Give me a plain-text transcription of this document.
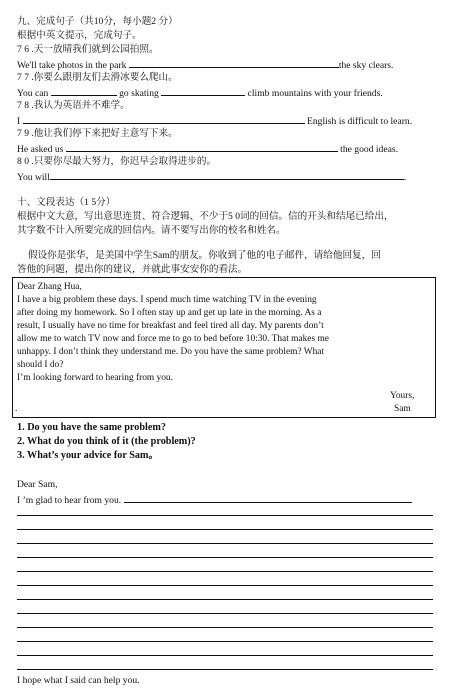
九、完成句子（共10分，每小题2 分）
根据中英文提示，完成句子。
7 6 .天一放晴我们就到公园拍照。
We'll take photos in the park	the sky clears.
7 7 .你要么跟朋友们去滑冰要么爬山。
You can	go skating	climb mountains with your friends.
7 8 .我认为英语并不难学。
I	English is difficult to learn.
7 9 .他让我们停下来把好主意写下来。
He asked us	the good ideas.
8 0 .只要你尽最大努力，你迟早会取得进步的。
You will	.
十、文段表达（1 5分）
根据中文大意，写出意思连贯、符合逻辑、不少于5 0词的回信。信的开头和结尾已给出，
其字数不计入所要完成的回信内。请不要写出你的校名和姓名。
假设你是张华，是美国中学生Sam的朋友。你收到了他的电子邮件，请给他回复，回
答他的问题，提出你的建议，并就此事安安你的看法。
Dear Zhang Hua,
I have a big problem these days. I spend much time watching TV in the evening
after doing my homework. So I often stay up and get up late in the morning. As a
result, I usually have no time for breakfast and feel tired all day. My parents don’t
allow me to watch TV now and force me to go to bed before 10:30. That makes me
unhappy. I don’t think they understand me. Do you have the same problem? What
should I do?
I’m looking forward to hearing from you.
Yours,
.	Sam
1. Do you have the same problem?
2. What do you think of it (the problem)?
3. What’s your advice for Sam。
Dear Sam,
I ’m glad to hear from you.
I hope what I said can help you.
